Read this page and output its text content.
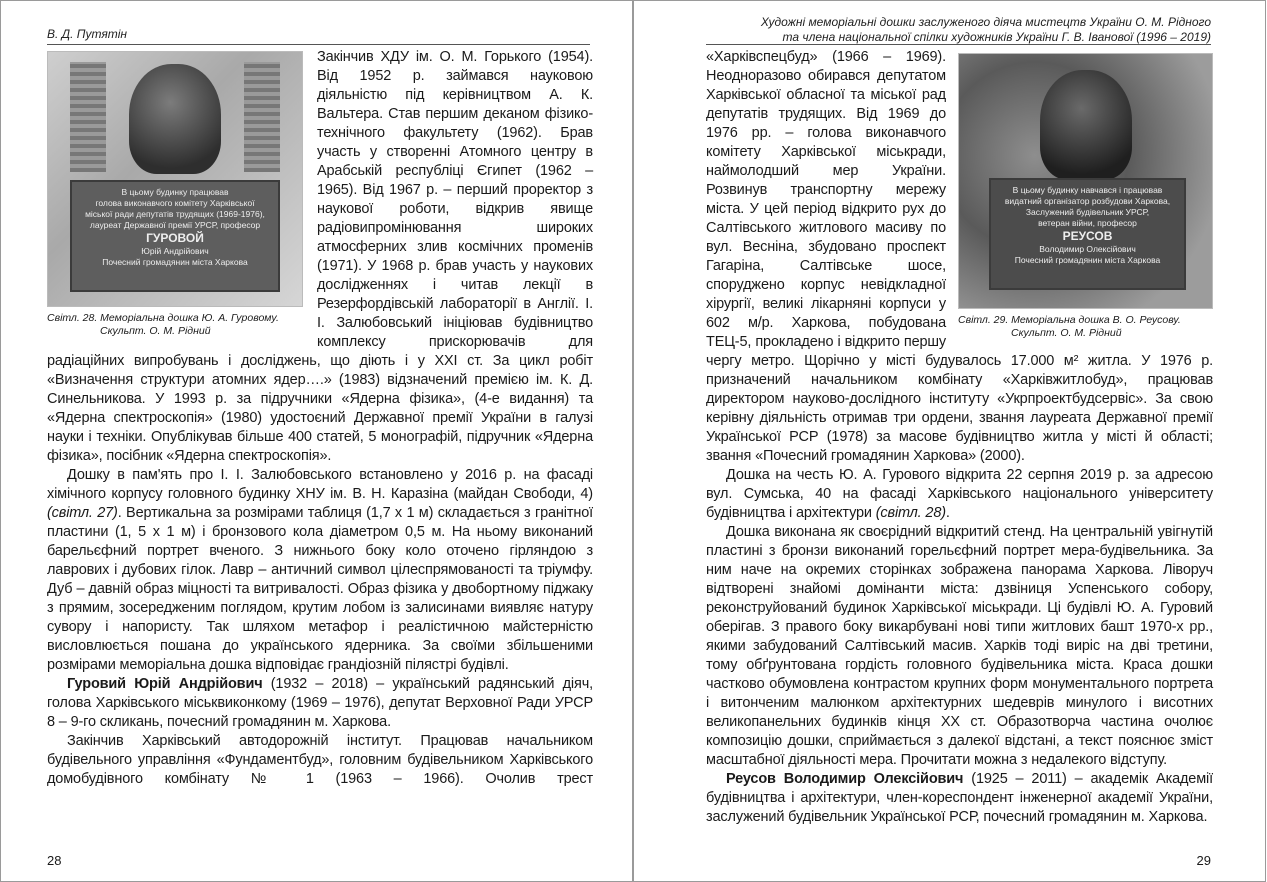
В. Д. Путятін
В цьому будинку працював
голова виконавчого комітету Харківської
міської ради депутатів трудящих (1969-1976),
лауреат Державної премії УРСР, професор
ГУРОВОЙ
Юрій Андрійович
Почесний громадянин міста Харкова
Світл. 28. Меморіальна дошка Ю. А. Гуровому.
Скульпт. О. М. Рідний

Закінчив ХДУ ім. О. М. Горького (1954). Від 1952 р. займався науковою діяльністю під керівництвом А. К. Вальтера. Став першим деканом фізико-технічного факультету (1962). Брав участь у створенні Атомного центру в Арабській республіці Єгипет (1962 – 1965). Від 1967 р. – перший проректор з наукової роботи, відкрив явище радіовипромінювання широких атмосферних злив космічних променів (1971). У 1968 р. брав участь у наукових дослідженнях і читав лекції в Резерфордівській лабораторії в Англії. І. І. Залюбовський ініціював будівництво комплексу прискорювачів для радіаційних випробувань і досліджень, що діють і у XXI ст. За цикл робіт «Визначення структури атомних ядер….» (1983) відзначений премією ім. К. Д. Синельникова. У 1993 р. за підручники «Ядерна фізика», (4-е видання) та «Ядерна спектроскопія» (1980) удостоєний Державної премії України в галузі науки і техніки. Опублікував більше 400 статей, 5 монографій, підручник «Ядерна фізика», посібник «Ядерна спектроскопія».

Дошку в пам'ять про І. І. Залюбовського встановлено у 2016 р. на фасаді хімічного корпусу головного будинку ХНУ ім. В. Н. Каразіна (майдан Свободи, 4) (світл. 27). Вертикальна за розмірами таблиця (1,7 х 1 м) складається з гранітної пластини (1, 5 х 1 м) і бронзового кола діаметром 0,5 м. На ньому виконаний барельєфний портрет вченого. З нижнього боку коло оточено гірляндою з лаврових і дубових гілок. Лавр – античний символ цілеспрямованості та тріумфу. Дуб – давній образ міцності та витривалості. Образ фізика у двобортному піджаку з прямим, зосередженим поглядом, крутим лобом із залисинами виявляє натуру сувору і напористу. Так шляхом метафор і реалістичною майстерністю висловлюється пошана до українського ядерника. За своїми збільшеними розмірами меморіальна дошка відповідає грандіозній пілястрі будівлі.

Гуровий Юрій Андрійович (1932 – 2018) – український радянський діяч, голова Харківського міськвиконкому (1969 – 1976), депутат Верховної Ради УРСР 8 – 9-го скликань, почесний громадянин м. Харкова.

Закінчив Харківський автодорожній інститут. Працював начальником будівельного управління «Фундаментбуд», головним будівельником Харківського домобудівного комбінату № 1 (1963 – 1966). Очолив трест

28
Художні меморіальні дошки заслуженого діяча мистецтв України О. М. Рідного
та члена національної спілки художників України Г. В. Іванової (1996 – 2019)
В цьому будинку навчався і працював
видатний організатор розбудови Харкова,
Заслужений будівельник УРСР,
ветеран війни, професор
РЕУСОВ
Володимир Олексійович
Почесний громадянин міста Харкова
Світл. 29. Меморіальна дошка В. О. Реусову.
Скульпт. О. М. Рідний

«Харківспецбуд» (1966 – 1969). Неодноразово обирався депутатом Харківської обласної та міської рад депутатів трудящих. Від 1969 до 1976 рр. – голова виконавчого комітету Харківської міськради, наймолодший мер України. Розвинув транспортну мережу міста. У цей період відкрито рух до Салтівського житлового масиву по вул. Весніна, збудовано проспект Гагаріна, Салтівське шосе, споруджено корпус невідкладної хірургії, великі лікарняні корпуси у 602 м/р. Харкова, побудована ТЕЦ-5, прокладено і відкрито першу чергу метро. Щорічно у місті будувалось 17.000 м² житла. У 1976 р. призначений начальником комбінату «Харківжитлобуд», працював директором науково-дослідного інституту «Укрпроектбудсервіс». За свою керівну діяльність отримав три ордени, звання лауреата Державної премії Української РСР (1978) за масове будівництво житла у місті й області; звання «Почесний громадянин Харкова» (2000).

Дошка на честь Ю. А. Гурового відкрита 22 серпня 2019 р. за адресою вул. Сумська, 40 на фасаді Харківського національного університету будівництва і архітектури (світл. 28).

Дошка виконана як своєрідний відкритий стенд. На центральній увігнутій пластині з бронзи виконаний горельєфний портрет мера-будівельника. За ним наче на окремих сторінках зображена панорама Харкова. Ліворуч відтворені знайомі домінанти міста: дзвіниця Успенського собору, реконструйований будинок Харківської міськради. Ці будівлі Ю. А. Гуровий оберігав. З правого боку викарбувані нові типи житлових башт 1970-х рр., якими забудований Салтівський масив. Харків тоді виріс на дві третини, тому обґрунтована гордість головного будівельника міста. Краса дошки частково обумовлена контрастом крупних форм монументального портрета і витонченим малюнком архітектурних шедеврів минулого і висотних великопанельних будинків кінця XX ст. Образотворча частина очолює композицію дошки, сприймається з далекої відстані, а текст пояснює зміст масштабної діяльності мера. Прочитати можна з недалекого відступу.

Реусов Володимир Олексійович (1925 – 2011) – академік Академії будівництва і архітектури, член-кореспондент інженерної академії України, заслужений будівельник Української РСР, почесний громадянин м. Харкова.

29
